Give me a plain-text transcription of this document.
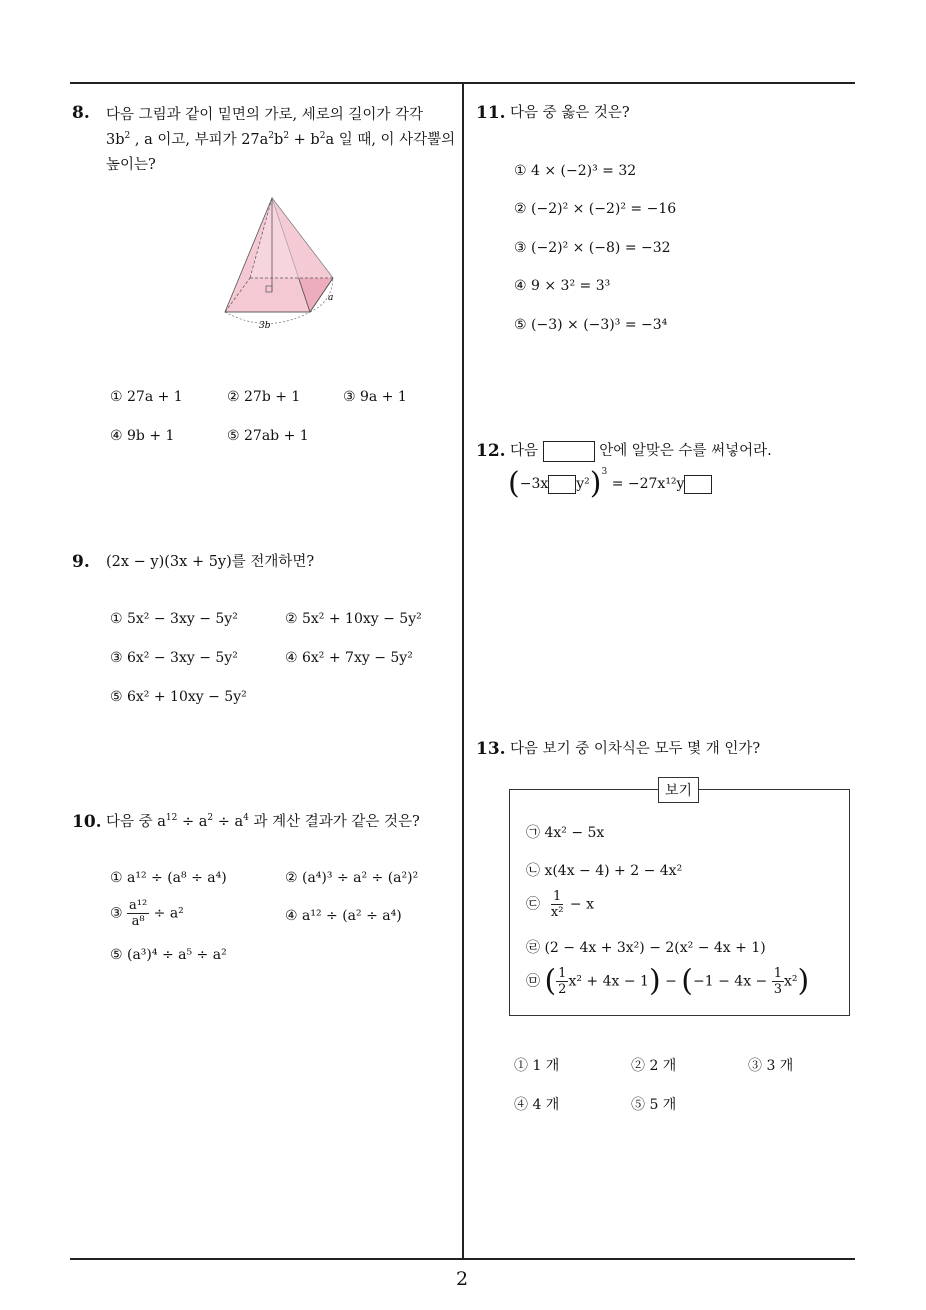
2
8. 다음 그림과 같이 밑면의 가로, 세로의 길이가 각각
$3b^2$ , a 이고, 부피가 $27a^2b^2 + b^2a$ 일 때, 이 사각뿔의
높이는?
a
3b
① 27a + 1	② 27b + 1	③ 9a + 1
④ 9b + 1	⑤ 27ab + 1
9. (2x − y)(3x + 5y)를 전개하면?
① 5x² − 3xy − 5y²	② 5x² + 10xy − 5y²
③ 6x² − 3xy − 5y²	④ 6x² + 7xy − 5y²
⑤ 6x² + 10xy − 5y²
10. 다음 중 $a^{12} \div a^2 \div a^4$ 과 계산 결과가 같은 것은?
① a¹² ÷ (a⁸ ÷ a⁴)	② (a⁴)³ ÷ a² ÷ (a²)²
③ $\frac{\text{a¹²}}{\text{a⁸}} \div a^2$	④ a¹² ÷ (a² ÷ a⁴)
⑤ (a³)⁴ ÷ a⁵ ÷ a²
11. 다음 중 옳은 것은?
① 4 × (−2)³ = 32
② (−2)² × (−2)² = −16
③ (−2)² × (−8) = −32
④ 9 × 3² = 3³
⑤ (−3) × (−3)³ = −3⁴
12. 다음	안에 알맞은 수를 써넣어라.
(−3x y²)$^3$ = −27x¹²y
13. 다음 보기 중 이차식은 모두 몇 개 인가?
보기
㉠ 4x² − 5x
㉡ x(4x − 4) + 2 − 4x²
㉢ $\frac{1}{\text{x²}} - x$
㉣ (2 − 4x + 3x²) − 2(x² − 4x + 1)
㉤ ( $\frac{1}{2} x^2 + 4x - 1) - (-1 - 4x - \frac{1}{3} x^2)$
① 1 개	② 2 개	③ 3 개
④ 4 개	⑤ 5 개
